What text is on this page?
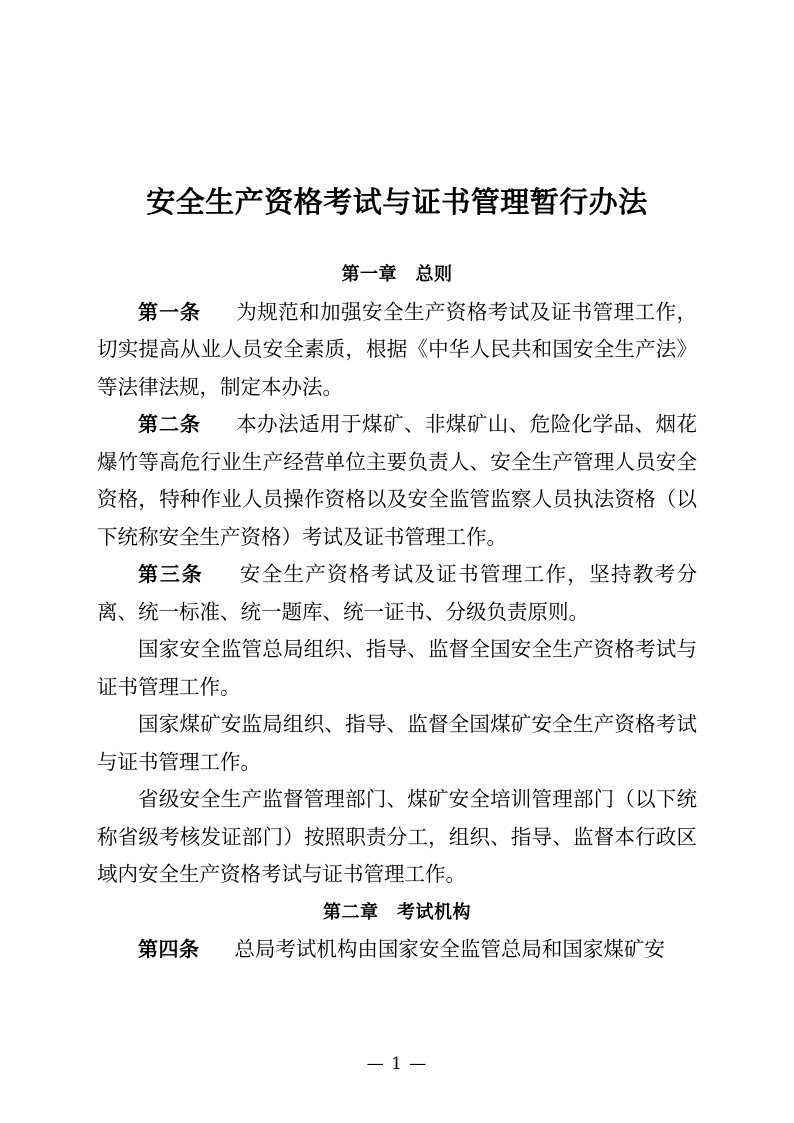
安全生产资格考试与证书管理暂行办法
第一章　总则

第一条 为规范和加强安全生产资格考试及证书管理工作，切实提高从业人员安全素质，根据《中华人民共和国安全生产法》等法律法规，制定本办法。

第二条 本办法适用于煤矿、非煤矿山、危险化学品、烟花爆竹等高危行业生产经营单位主要负责人、安全生产管理人员安全资格，特种作业人员操作资格以及安全监管监察人员执法资格（以下统称安全生产资格）考试及证书管理工作。

第三条 安全生产资格考试及证书管理工作，坚持教考分离、统一标准、统一题库、统一证书、分级负责原则。

国家安全监管总局组织、指导、监督全国安全生产资格考试与证书管理工作。

国家煤矿安监局组织、指导、监督全国煤矿安全生产资格考试与证书管理工作。

省级安全生产监督管理部门、煤矿安全培训管理部门（以下统称省级考核发证部门）按照职责分工，组织、指导、监督本行政区域内安全生产资格考试与证书管理工作。

第二章　考试机构

第四条 总局考试机构由国家安全监管总局和国家煤矿安

— 1 —
